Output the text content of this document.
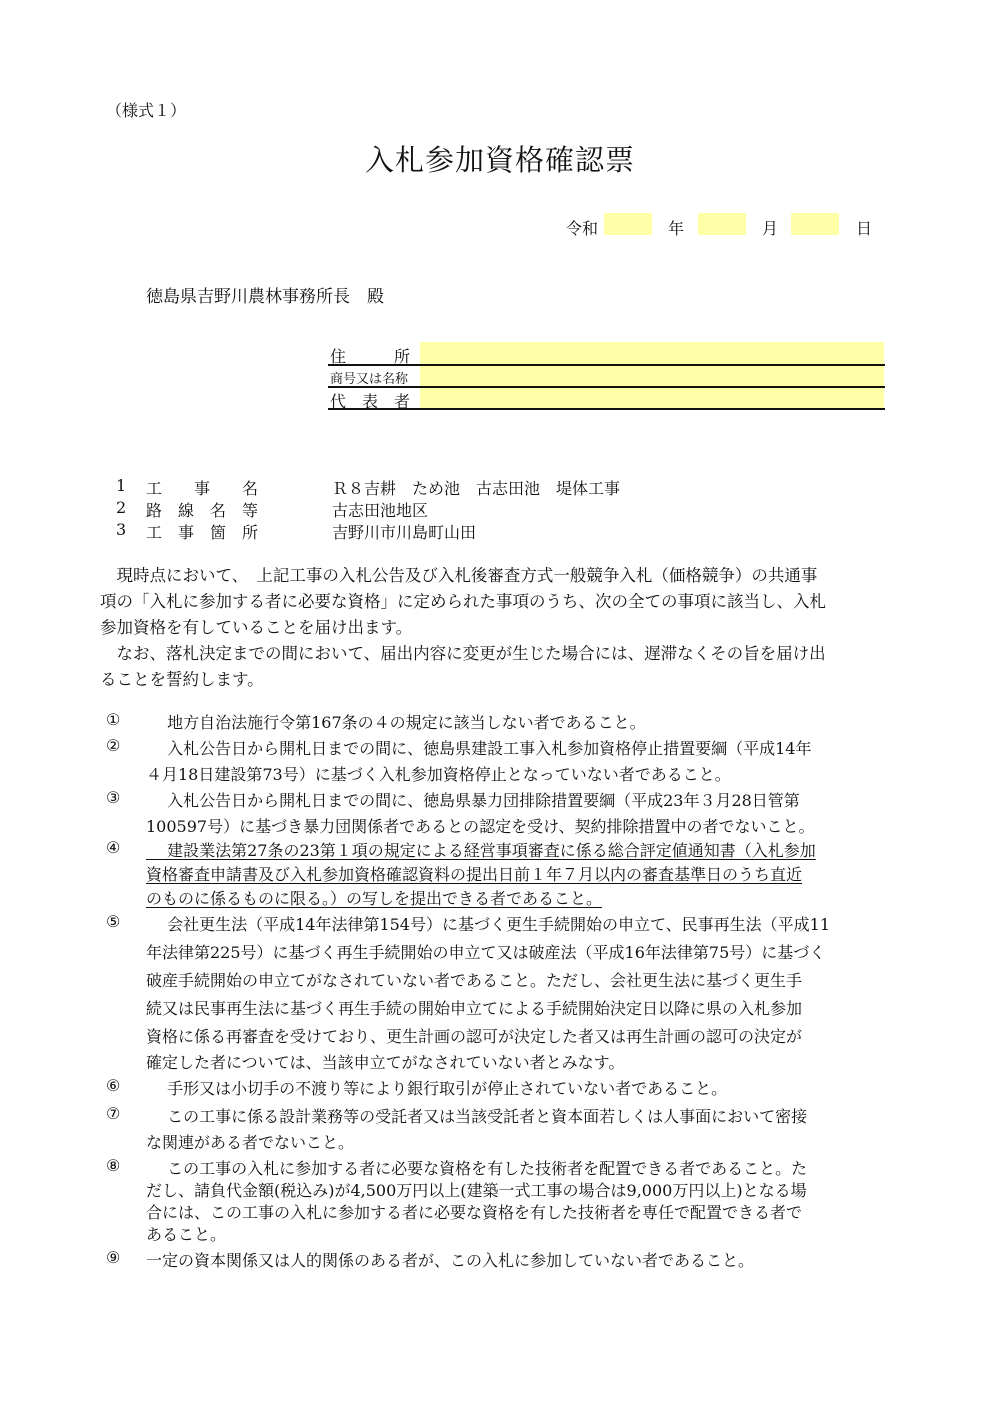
（様式１）
入札参加資格確認票
令和	年	月	日
徳島県吉野川農林事務所長　殿
住　　　所
商号又は名称
代　表　者
1 工　　事　　名	Ｒ８吉耕　ため池　古志田池　堤体工事
2 路　線　名　等	古志田池地区
3 工　事　箇　所	吉野川市川島町山田
　現時点において、　上記工事の入札公告及び入札後審査方式一般競争入札（価格競争）の共通事
項の「入札に参加する者に必要な資格」に定められた事項のうち、次の全ての事項に該当し、入札
参加資格を有していることを届け出ます。
　なお、落札決定までの間において、届出内容に変更が生じた場合には、遅滞なくその旨を届け出
ることを誓約します。
① 　 地方自治法施行令第167条の４の規定に該当しない者であること。
② 　 入札公告日から開札日までの間に、徳島県建設工事入札参加資格停止措置要綱（平成14年
４月18日建設第73号）に基づく入札参加資格停止となっていない者であること。
③ 　 入札公告日から開札日までの間に、徳島県暴力団排除措置要綱（平成23年３月28日管第
100597号）に基づき暴力団関係者であるとの認定を受け、契約排除措置中の者でないこと。
④ 　 建設業法第27条の23第１項の規定による経営事項審査に係る総合評定値通知書（入札参加
資格審査申請書及び入札参加資格確認資料の提出日前１年７月以内の審査基準日のうち直近
のものに係るものに限る。）の写しを提出できる者であること。
⑤ 　 会社更生法（平成14年法律第154号）に基づく更生手続開始の申立て、民事再生法（平成11
年法律第225号）に基づく再生手続開始の申立て又は破産法（平成16年法律第75号）に基づく
破産手続開始の申立てがなされていない者であること。ただし、会社更生法に基づく更生手
続又は民事再生法に基づく再生手続の開始申立てによる手続開始決定日以降に県の入札参加
資格に係る再審査を受けており、更生計画の認可が決定した者又は再生計画の認可の決定が
確定した者については、当該申立てがなされていない者とみなす。
⑥ 　 手形又は小切手の不渡り等により銀行取引が停止されていない者であること。
⑦ 　 この工事に係る設計業務等の受託者又は当該受託者と資本面若しくは人事面において密接
な関連がある者でないこと。
⑧ 　 この工事の入札に参加する者に必要な資格を有した技術者を配置できる者であること。た
だし、請負代金額(税込み)が4,500万円以上(建築一式工事の場合は9,000万円以上)となる場
合には、この工事の入札に参加する者に必要な資格を有した技術者を専任で配置できる者で
あること。
⑨ 一定の資本関係又は人的関係のある者が、この入札に参加していない者であること。
